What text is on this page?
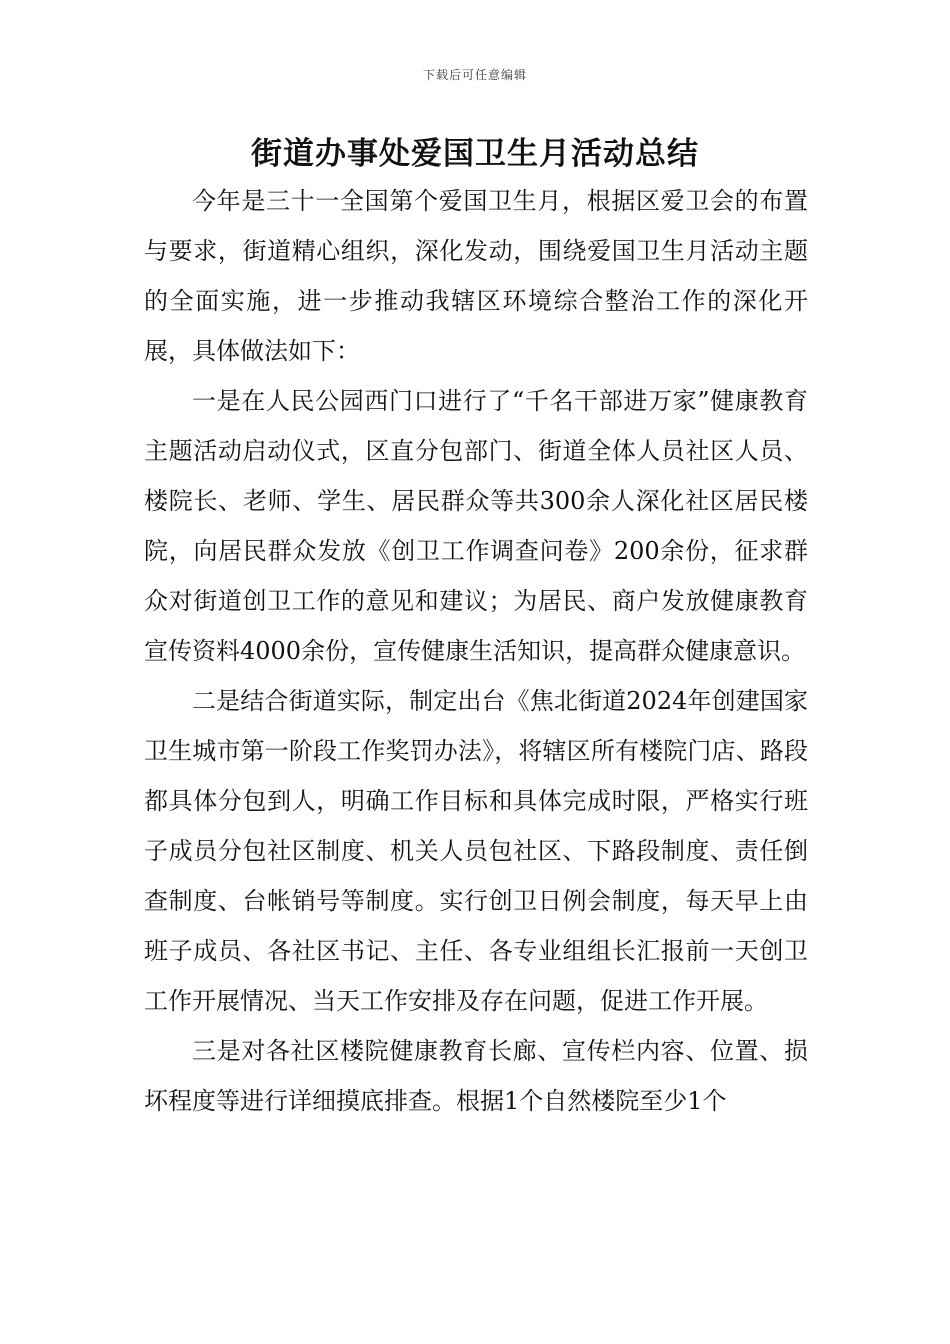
下载后可任意编辑
街道办事处爱国卫生月活动总结

今年是三十一全国第个爱国卫生月，根据区爱卫会的布置与要求，街道精心组织，深化发动，围绕爱国卫生月活动主题的全面实施，进一步推动我辖区环境综合整治工作的深化开展，具体做法如下：

一是在人民公园西门口进行了“千名干部进万家”健康教育主题活动启动仪式，区直分包部门、街道全体人员社区人员、楼院长、老师、学生、居民群众等共300余人深化社区居民楼院，向居民群众发放《创卫工作调查问卷》200余份，征求群众对街道创卫工作的意见和建议；为居民、商户发放健康教育宣传资料4000余份，宣传健康生活知识，提高群众健康意识。

二是结合街道实际，制定出台《焦北街道2024年创建国家卫生城市第一阶段工作奖罚办法》，将辖区所有楼院门店、路段都具体分包到人，明确工作目标和具体完成时限，严格实行班子成员分包社区制度、机关人员包社区、下路段制度、责任倒查制度、台帐销号等制度。实行创卫日例会制度，每天早上由班子成员、各社区书记、主任、各专业组组长汇报前一天创卫工作开展情况、当天工作安排及存在问题，促进工作开展。

三是对各社区楼院健康教育长廊、宣传栏内容、位置、损坏程度等进行详细摸底排查。根据1个自然楼院至少1个
